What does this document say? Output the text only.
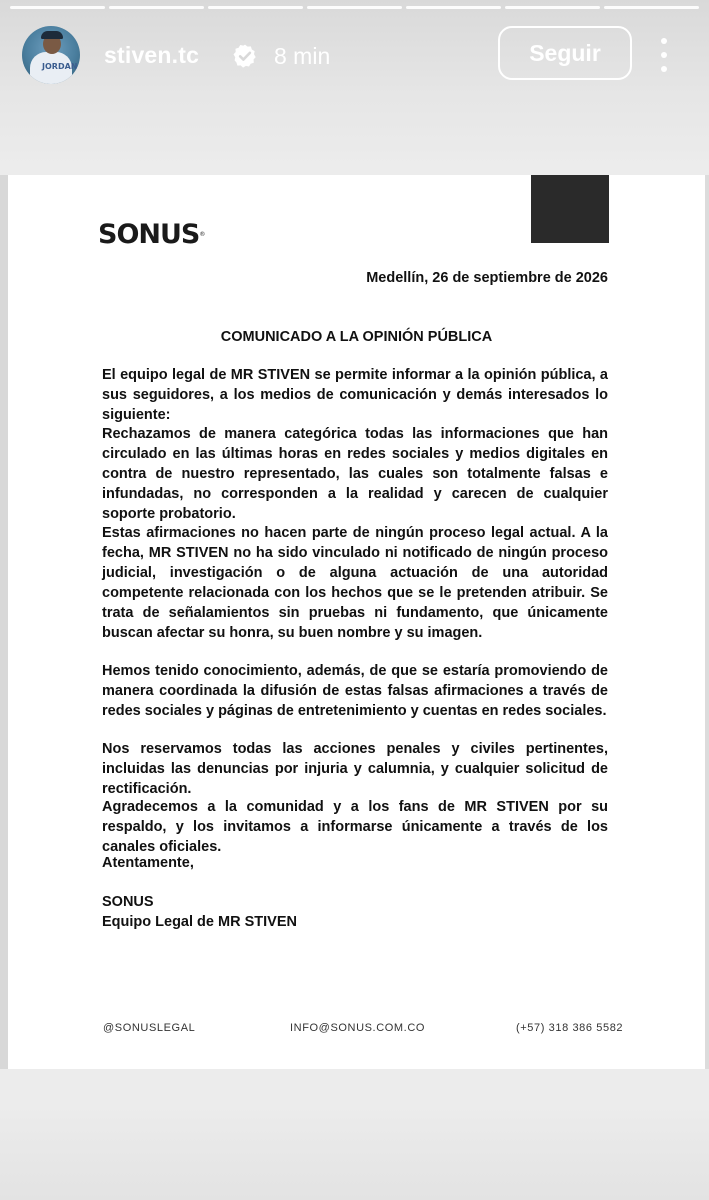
JORDAN stiven.tc	8 min	Seguir
SONUS®
Medellín, 26 de septiembre de 2026
COMUNICADO A LA OPINIÓN PÚBLICA

El equipo legal de MR STIVEN se permite informar a la opinión pública, a sus seguidores, a los medios de comunicación y demás interesados lo siguiente:

Rechazamos de manera categórica todas las informaciones que han circulado en las últimas horas en redes sociales y medios digitales en contra de nuestro representado, las cuales son totalmente falsas e infundadas, no corresponden a la realidad y carecen de cualquier soporte probatorio.

Estas afirmaciones no hacen parte de ningún proceso legal actual. A la fecha, MR STIVEN no ha sido vinculado ni notificado de ningún proceso judicial, investigación o de alguna actuación de una autoridad competente relacionada con los hechos que se le pretenden atribuir. Se trata de señalamientos sin pruebas ni fundamento, que únicamente buscan afectar su honra, su buen nombre y su imagen.

Hemos tenido conocimiento, además, de que se estaría promoviendo de manera coordinada la difusión de estas falsas afirmaciones a través de redes sociales y páginas de entretenimiento y cuentas en redes sociales.

Nos reservamos todas las acciones penales y civiles pertinentes, incluidas las denuncias por injuria y calumnia, y cualquier solicitud de rectificación.

Agradecemos a la comunidad y a los fans de MR STIVEN por su respaldo, y los invitamos a informarse únicamente a través de los canales oficiales.

Atentamente,
SONUS
Equipo Legal de MR STIVEN
@SONUSLEGAL	INFO@SONUS.COM.CO	(+57) 318 386 5582
